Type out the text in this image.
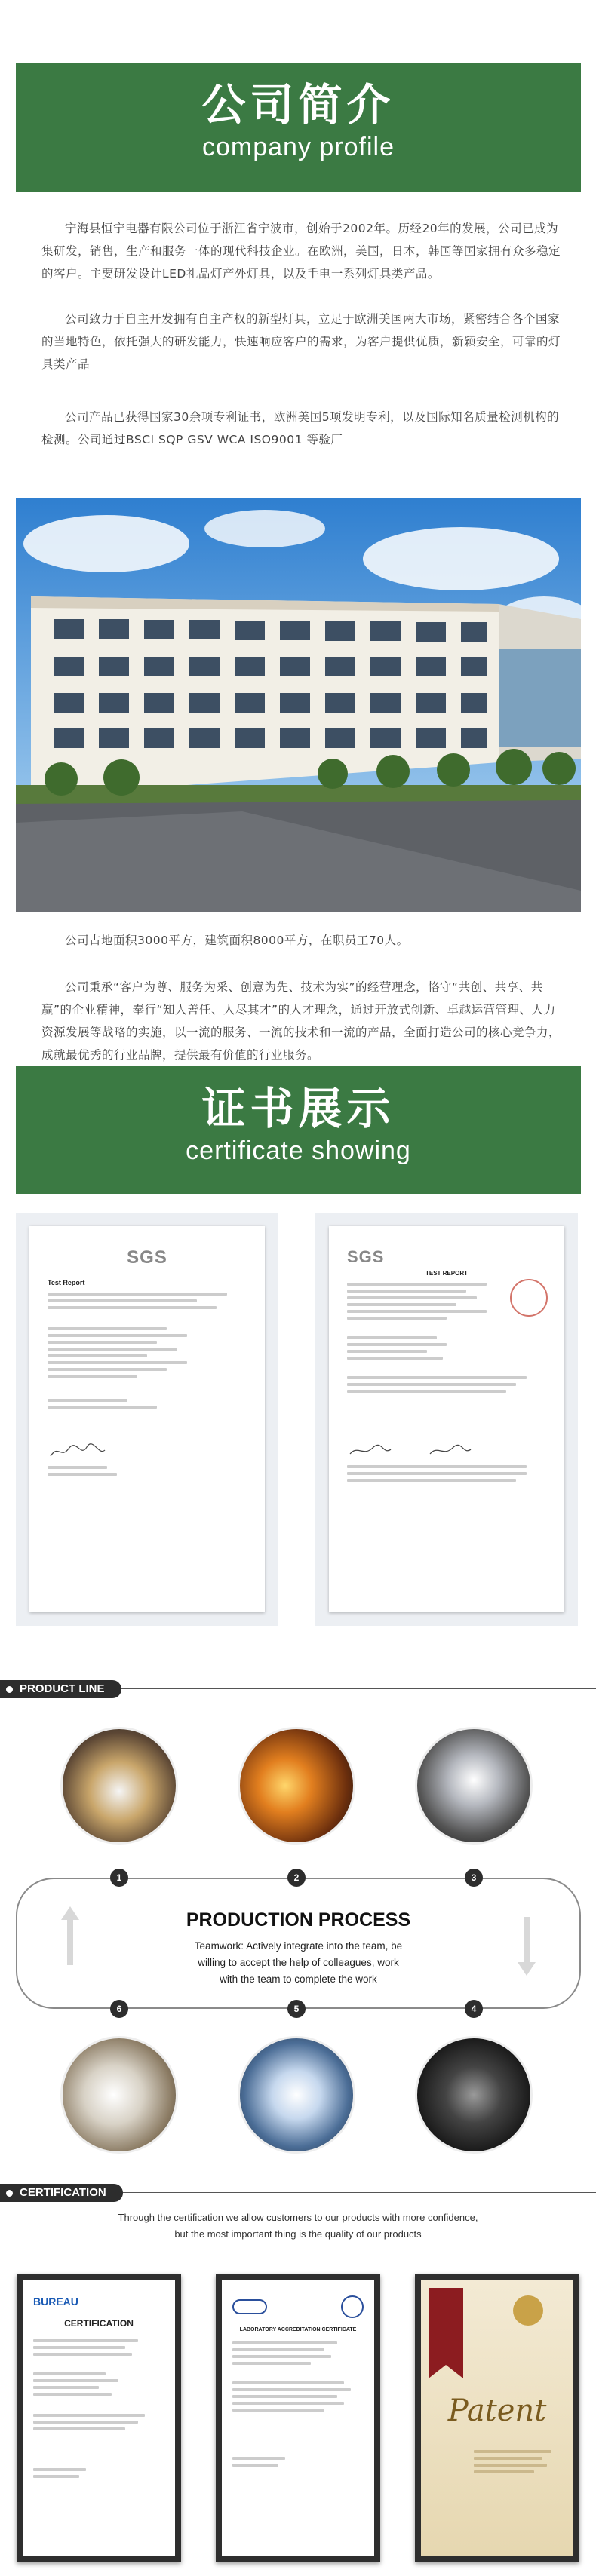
公司简介
company profile

宁海县恒宁电器有限公司位于浙江省宁波市，创始于2002年。历经20年的发展，公司已成为集研发，销售，生产和服务一体的现代科技企业。在欧洲，美国，日本，韩国等国家拥有众多稳定的客户。主要研发设计LED礼品灯产外灯具，以及手电一系列灯具类产品。

公司致力于自主开发拥有自主产权的新型灯具，立足于欧洲美国两大市场，紧密结合各个国家的当地特色，依托强大的研发能力，快速响应客户的需求，为客户提供优质，新颖安全，可靠的灯具类产品

公司产品已获得国家30余项专利证书，欧洲美国5项发明专利，以及国际知名质量检测机构的检测。公司通过BSCI SQP GSV WCA ISO9001 等验厂

公司占地面积3000平方，建筑面积8000平方，在职员工70人。

公司秉承“客户为尊、服务为采、创意为先、技术为实”的经营理念，恪守“共创、共享、共赢”的企业精神，奉行“知人善任、人尽其才”的人才理念，通过开放式创新、卓越运营管理、人力资源发展等战略的实施，以一流的服务、一流的技术和一流的产品，全面打造公司的核心竞争力，成就最优秀的行业品牌，提供最有价值的行业服务。

证书展示
certificate showing
SGS
Test Report
SGS
TEST REPORT
PRODUCT LINE
PRODUCTION PROCESS
Teamwork: Actively integrate into the team, be willing to accept the help of colleagues, work with the team to complete the work
1	2	3
6	5	4
CERTIFICATION
Through the certification we allow customers to our products with more confidence,
but the most important thing is the quality of our products
BUREAU
CERTIFICATION
LABORATORY ACCREDITATION CERTIFICATE
Patent
